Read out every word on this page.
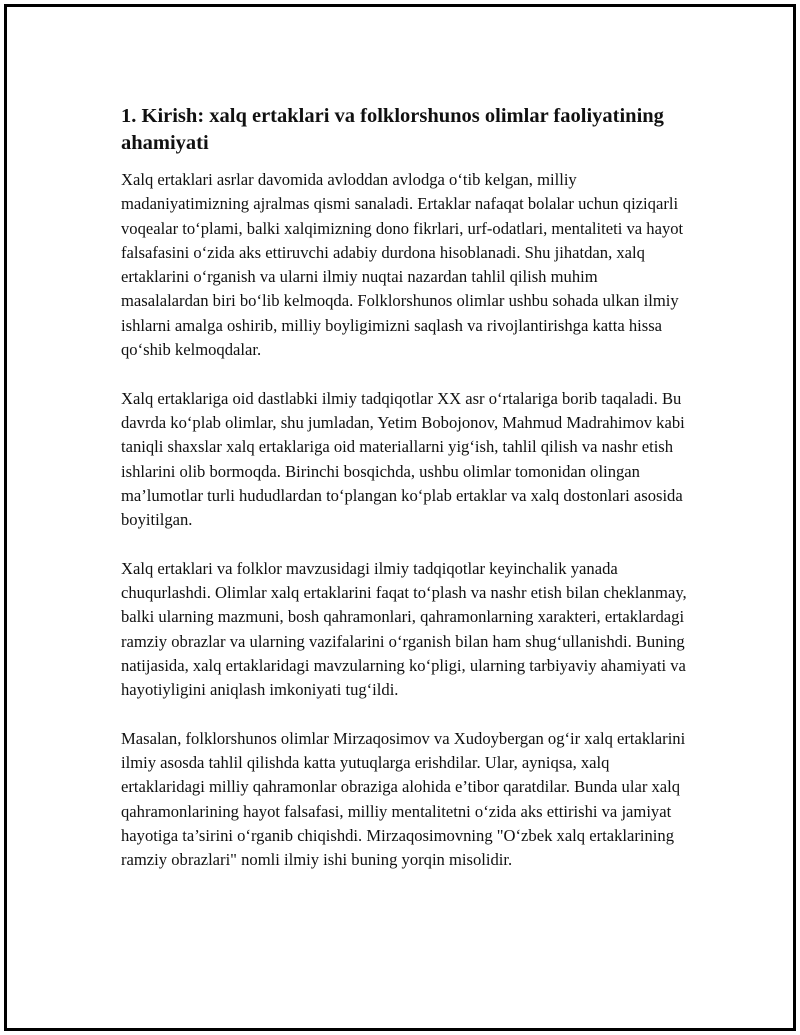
1. Kirish: xalq ertaklari va folklorshunos olimlar faoliyatining ahamiyati

Xalq ertaklari asrlar davomida avloddan avlodga o‘tib kelgan, milliy madaniyatimizning ajralmas qismi sanaladi. Ertaklar nafaqat bolalar uchun qiziqarli voqealar to‘plami, balki xalqimizning dono fikrlari, urf-odatlari, mentaliteti va hayot falsafasini o‘zida aks ettiruvchi adabiy durdona hisoblanadi. Shu jihatdan, xalq ertaklarini o‘rganish va ularni ilmiy nuqtai nazardan tahlil qilish muhim masalalardan biri bo‘lib kelmoqda. Folklorshunos olimlar ushbu sohada ulkan ilmiy ishlarni amalga oshirib, milliy boyligimizni saqlash va rivojlantirishga katta hissa qo‘shib kelmoqdalar.

Xalq ertaklariga oid dastlabki ilmiy tadqiqotlar XX asr o‘rtalariga borib taqaladi. Bu davrda ko‘plab olimlar, shu jumladan, Yetim Bobojonov, Mahmud Madrahimov kabi taniqli shaxslar xalq ertaklariga oid materiallarni yig‘ish, tahlil qilish va nashr etish ishlarini olib bormoqda. Birinchi bosqichda, ushbu olimlar tomonidan olingan ma’lumotlar turli hududlardan to‘plangan ko‘plab ertaklar va xalq dostonlari asosida boyitilgan.

Xalq ertaklari va folklor mavzusidagi ilmiy tadqiqotlar keyinchalik yanada chuqurlashdi. Olimlar xalq ertaklarini faqat to‘plash va nashr etish bilan cheklanmay, balki ularning mazmuni, bosh qahramonlari, qahramonlarning xarakteri, ertaklardagi ramziy obrazlar va ularning vazifalarini o‘rganish bilan ham shug‘ullanishdi. Buning natijasida, xalq ertaklaridagi mavzularning ko‘pligi, ularning tarbiyaviy ahamiyati va hayotiyligini aniqlash imkoniyati tug‘ildi.

Masalan, folklorshunos olimlar Mirzaqosimov va Xudoybergan og‘ir xalq ertaklarini ilmiy asosda tahlil qilishda katta yutuqlarga erishdilar. Ular, ayniqsa, xalq ertaklaridagi milliy qahramonlar obraziga alohida e’tibor qaratdilar. Bunda ular xalq qahramonlarining hayot falsafasi, milliy mentalitetni o‘zida aks ettirishi va jamiyat hayotiga ta’sirini o‘rganib chiqishdi. Mirzaqosimovning "O‘zbek xalq ertaklarining ramziy obrazlari" nomli ilmiy ishi buning yorqin misolidir.
